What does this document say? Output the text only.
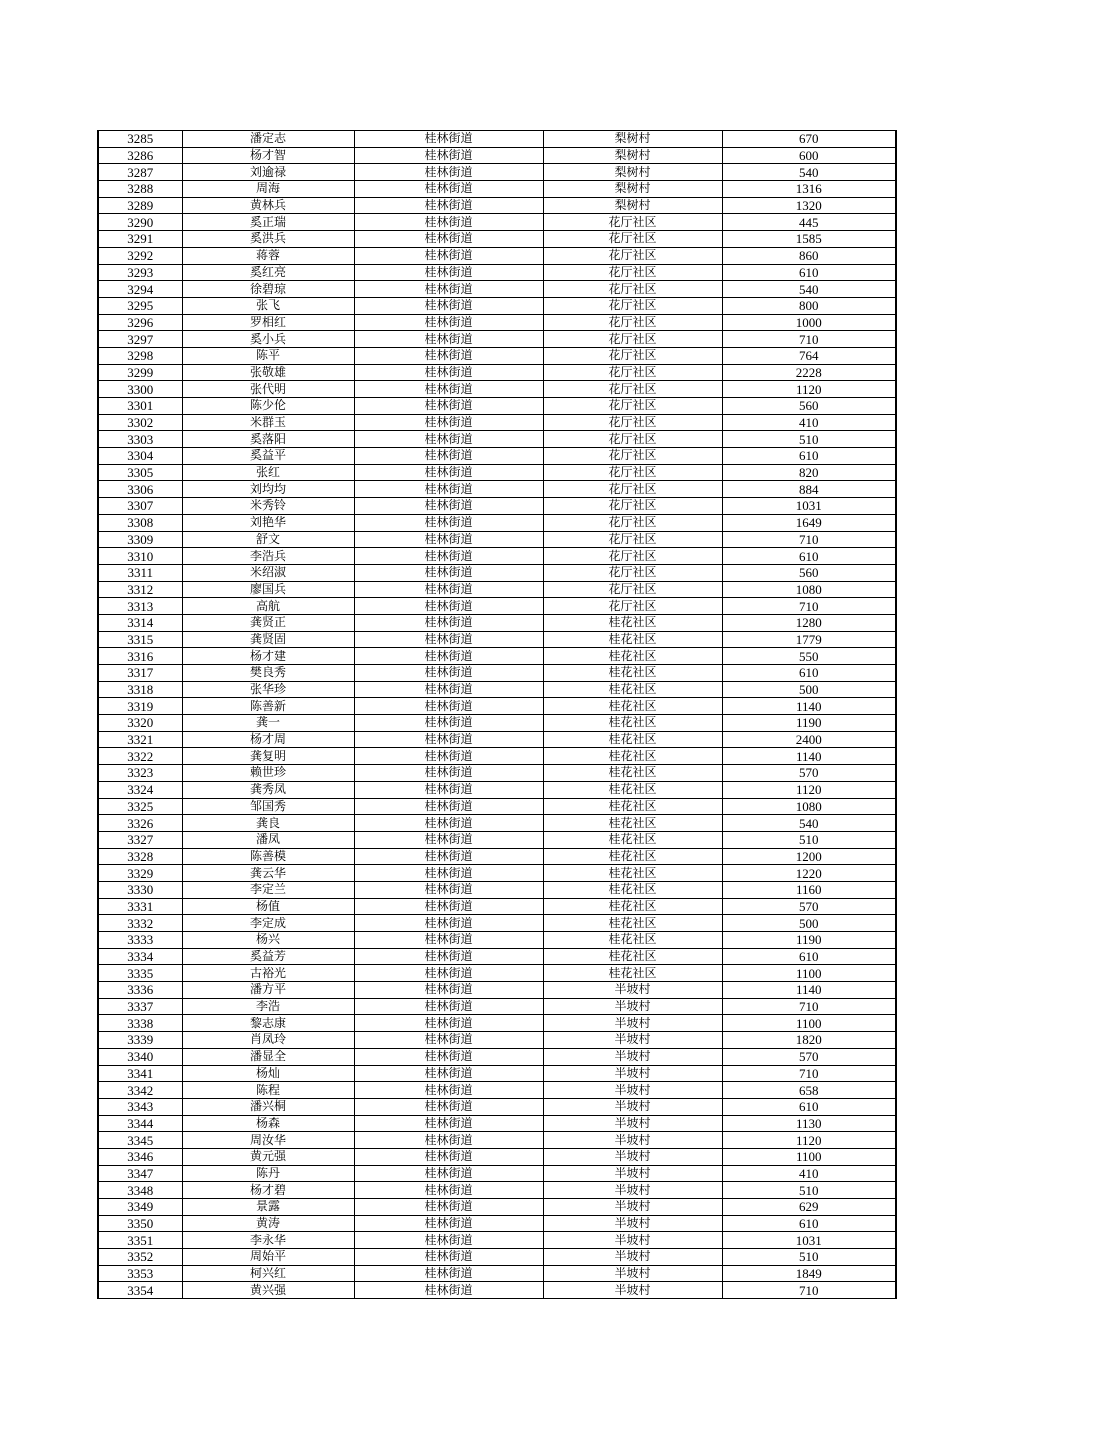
3285	潘定志	桂林街道	梨树村	670
3286	杨才智	桂林街道	梨树村	600
3287	刘逾禄	桂林街道	梨树村	540
3288	周海	桂林街道	梨树村	1316
3289	黄林兵	桂林街道	梨树村	1320
3290	奚正瑞	桂林街道	花厅社区	445
3291	奚洪兵	桂林街道	花厅社区	1585
3292	蒋蓉	桂林街道	花厅社区	860
3293	奚红亮	桂林街道	花厅社区	610
3294	徐碧琼	桂林街道	花厅社区	540
3295	张飞	桂林街道	花厅社区	800
3296	罗相红	桂林街道	花厅社区	1000
3297	奚小兵	桂林街道	花厅社区	710
3298	陈平	桂林街道	花厅社区	764
3299	张敬雄	桂林街道	花厅社区	2228
3300	张代明	桂林街道	花厅社区	1120
3301	陈少伦	桂林街道	花厅社区	560
3302	米群玉	桂林街道	花厅社区	410
3303	奚落阳	桂林街道	花厅社区	510
3304	奚益平	桂林街道	花厅社区	610
3305	张红	桂林街道	花厅社区	820
3306	刘均均	桂林街道	花厅社区	884
3307	米秀铃	桂林街道	花厅社区	1031
3308	刘艳华	桂林街道	花厅社区	1649
3309	舒文	桂林街道	花厅社区	710
3310	李浩兵	桂林街道	花厅社区	610
3311	米绍淑	桂林街道	花厅社区	560
3312	廖国兵	桂林街道	花厅社区	1080
3313	高航	桂林街道	花厅社区	710
3314	龚贤正	桂林街道	桂花社区	1280
3315	龚贤固	桂林街道	桂花社区	1779
3316	杨才建	桂林街道	桂花社区	550
3317	樊良秀	桂林街道	桂花社区	610
3318	张华珍	桂林街道	桂花社区	500
3319	陈善新	桂林街道	桂花社区	1140
3320	龚一	桂林街道	桂花社区	1190
3321	杨才周	桂林街道	桂花社区	2400
3322	龚复明	桂林街道	桂花社区	1140
3323	赖世珍	桂林街道	桂花社区	570
3324	龚秀凤	桂林街道	桂花社区	1120
3325	邹国秀	桂林街道	桂花社区	1080
3326	龚良	桂林街道	桂花社区	540
3327	潘凤	桂林街道	桂花社区	510
3328	陈善模	桂林街道	桂花社区	1200
3329	龚云华	桂林街道	桂花社区	1220
3330	李定兰	桂林街道	桂花社区	1160
3331	杨值	桂林街道	桂花社区	570
3332	李定成	桂林街道	桂花社区	500
3333	杨兴	桂林街道	桂花社区	1190
3334	奚益芳	桂林街道	桂花社区	610
3335	古裕光	桂林街道	桂花社区	1100
3336	潘方平	桂林街道	半坡村	1140
3337	李浩	桂林街道	半坡村	710
3338	黎志康	桂林街道	半坡村	1100
3339	肖凤玲	桂林街道	半坡村	1820
3340	潘显全	桂林街道	半坡村	570
3341	杨灿	桂林街道	半坡村	710
3342	陈程	桂林街道	半坡村	658
3343	潘兴桐	桂林街道	半坡村	610
3344	杨森	桂林街道	半坡村	1130
3345	周汝华	桂林街道	半坡村	1120
3346	黄元强	桂林街道	半坡村	1100
3347	陈丹	桂林街道	半坡村	410
3348	杨才碧	桂林街道	半坡村	510
3349	景露	桂林街道	半坡村	629
3350	黄涛	桂林街道	半坡村	610
3351	李永华	桂林街道	半坡村	1031
3352	周始平	桂林街道	半坡村	510
3353	柯兴红	桂林街道	半坡村	1849
3354	黄兴强	桂林街道	半坡村	710
